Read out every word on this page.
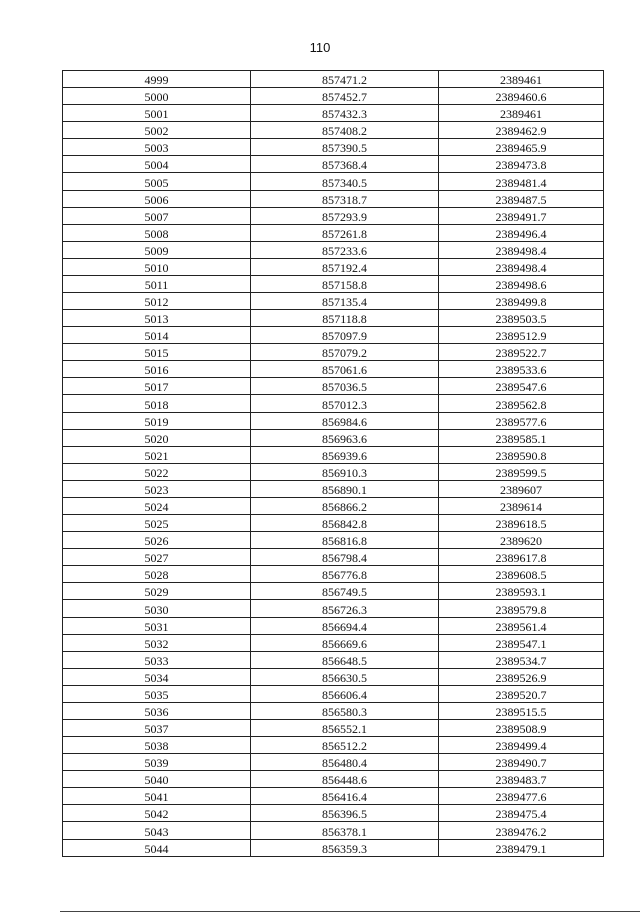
110
4999	857471.2	2389461
5000	857452.7	2389460.6
5001	857432.3	2389461
5002	857408.2	2389462.9
5003	857390.5	2389465.9
5004	857368.4	2389473.8
5005	857340.5	2389481.4
5006	857318.7	2389487.5
5007	857293.9	2389491.7
5008	857261.8	2389496.4
5009	857233.6	2389498.4
5010	857192.4	2389498.4
5011	857158.8	2389498.6
5012	857135.4	2389499.8
5013	857118.8	2389503.5
5014	857097.9	2389512.9
5015	857079.2	2389522.7
5016	857061.6	2389533.6
5017	857036.5	2389547.6
5018	857012.3	2389562.8
5019	856984.6	2389577.6
5020	856963.6	2389585.1
5021	856939.6	2389590.8
5022	856910.3	2389599.5
5023	856890.1	2389607
5024	856866.2	2389614
5025	856842.8	2389618.5
5026	856816.8	2389620
5027	856798.4	2389617.8
5028	856776.8	2389608.5
5029	856749.5	2389593.1
5030	856726.3	2389579.8
5031	856694.4	2389561.4
5032	856669.6	2389547.1
5033	856648.5	2389534.7
5034	856630.5	2389526.9
5035	856606.4	2389520.7
5036	856580.3	2389515.5
5037	856552.1	2389508.9
5038	856512.2	2389499.4
5039	856480.4	2389490.7
5040	856448.6	2389483.7
5041	856416.4	2389477.6
5042	856396.5	2389475.4
5043	856378.1	2389476.2
5044	856359.3	2389479.1
